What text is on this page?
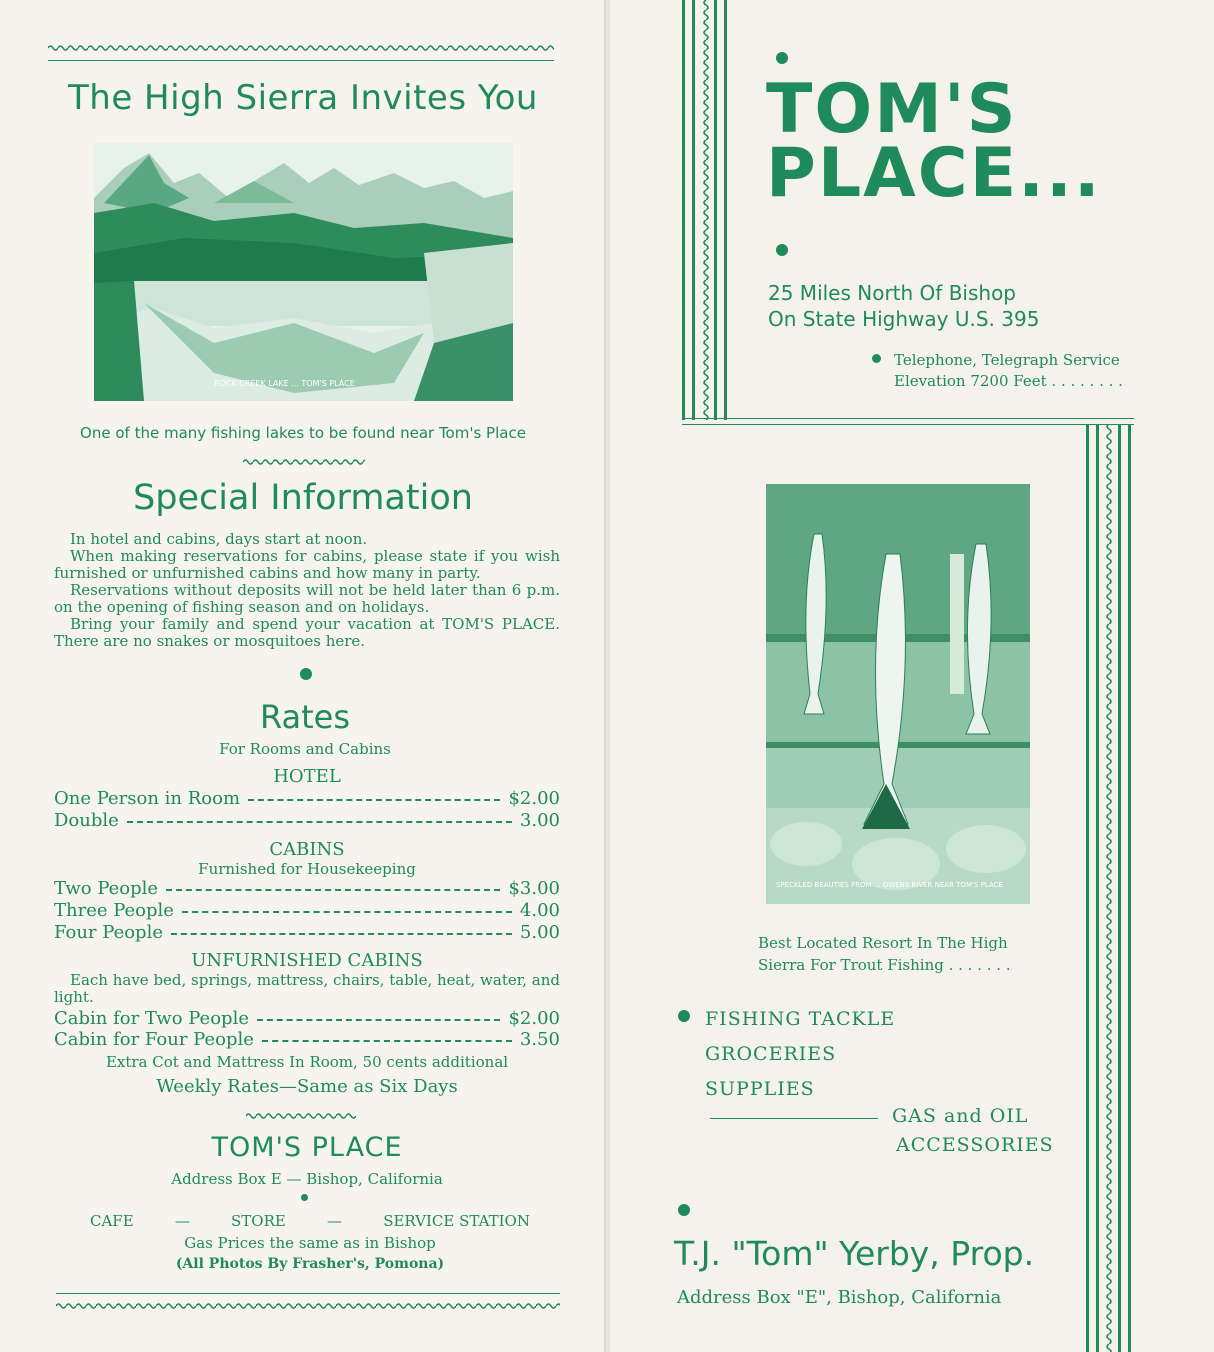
The High Sierra Invites You
ROCK CREEK LAKE ... TOM'S PLACE
One of the many fishing lakes to be found near Tom's Place
Special Information
In hotel and cabins, days start at noon.
When making reservations for cabins, please state if you wish furnished or unfurnished cabins and how many in party.
Reservations without deposits will not be held later than 6 p.m. on the opening of fishing season and on holidays.
Bring your family and spend your vacation at TOM'S PLACE. There are no snakes or mosquitoes here.
Rates
For Rooms and Cabins
HOTEL
One Person in Room	$2.00
Double	3.00
CABINS
Furnished for Housekeeping
Two People	$3.00
Three People	4.00
Four People	5.00
UNFURNISHED CABINS
Each have bed, springs, mattress, chairs, table, heat, water, and light.
Cabin for Two People	$2.00
Cabin for Four People	3.50
Extra Cot and Mattress In Room, 50 cents additional
Weekly Rates—Same as Six Days
TOM'S PLACE
Address Box E — Bishop, California
CAFE	—	STORE	—	SERVICE STATION
Gas Prices the same as in Bishop
(All Photos By Frasher's, Pomona)
TOM'S
PLACE...
25 Miles North Of Bishop
On State Highway U.S. 395
Telephone, Telegraph Service
Elevation 7200 Feet . . . . . . . .
SPECKLED BEAUTIES FROM ... OWENS RIVER NEAR TOM'S PLACE
Best Located Resort In The High
Sierra For Trout Fishing . . . . . . .
FISHING TACKLE
GROCERIES
SUPPLIES
GAS and OIL
ACCESSORIES
T.J. "Tom" Yerby, Prop.
Address Box "E", Bishop, California
